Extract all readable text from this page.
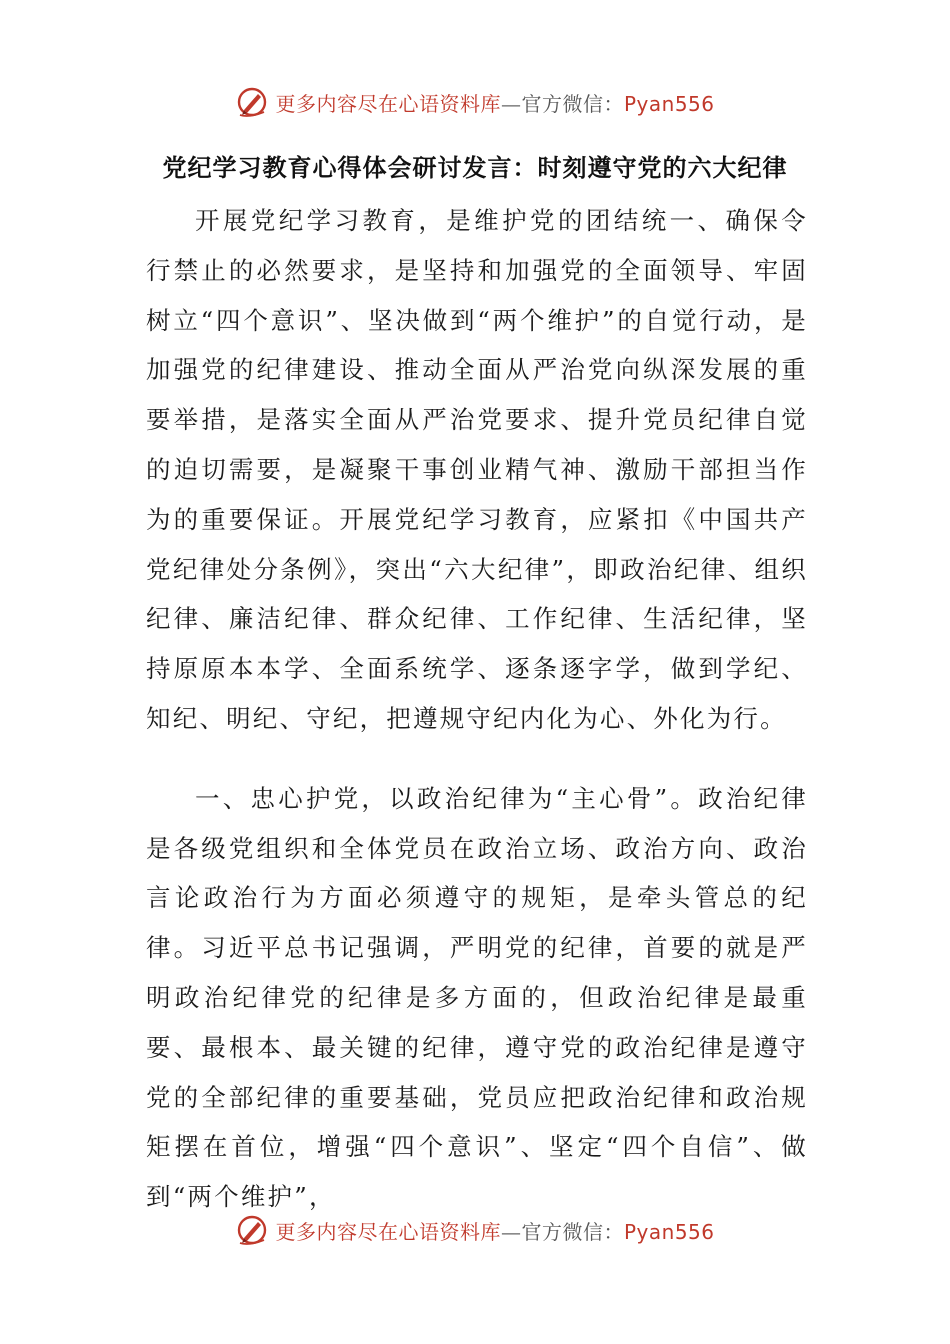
更多内容尽在心语资料库—官方微信：Pyan556
党纪学习教育心得体会研讨发言：时刻遵守党的六大纪律

开展党纪学习教育，是维护党的团结统一、确保令行禁止的必然要求，是坚持和加强党的全面领导、牢固树立“四个意识”、坚决做到“两个维护”的自觉行动，是加强党的纪律建设、推动全面从严治党向纵深发展的重要举措，是落实全面从严治党要求、提升党员纪律自觉的迫切需要，是凝聚干事创业精气神、激励干部担当作为的重要保证。开展党纪学习教育，应紧扣《中国共产党纪律处分条例》，突出“六大纪律”，即政治纪律、组织纪律、廉洁纪律、群众纪律、工作纪律、生活纪律，坚持原原本本学、全面系统学、逐条逐字学，做到学纪、知纪、明纪、守纪，把遵规守纪内化为心、外化为行。

一、忠心护党，以政治纪律为“主心骨”。政治纪律是各级党组织和全体党员在政治立场、政治方向、政治言论政治行为方面必须遵守的规矩，是牵头管总的纪律。习近平总书记强调，严明党的纪律，首要的就是严明政治纪律党的纪律是多方面的，但政治纪律是最重要、最根本、最关键的纪律，遵守党的政治纪律是遵守党的全部纪律的重要基础，党员应把政治纪律和政治规矩摆在首位，增强“四个意识”、坚定“四个自信”、做到“两个维护”，

更多内容尽在心语资料库—官方微信：Pyan556
